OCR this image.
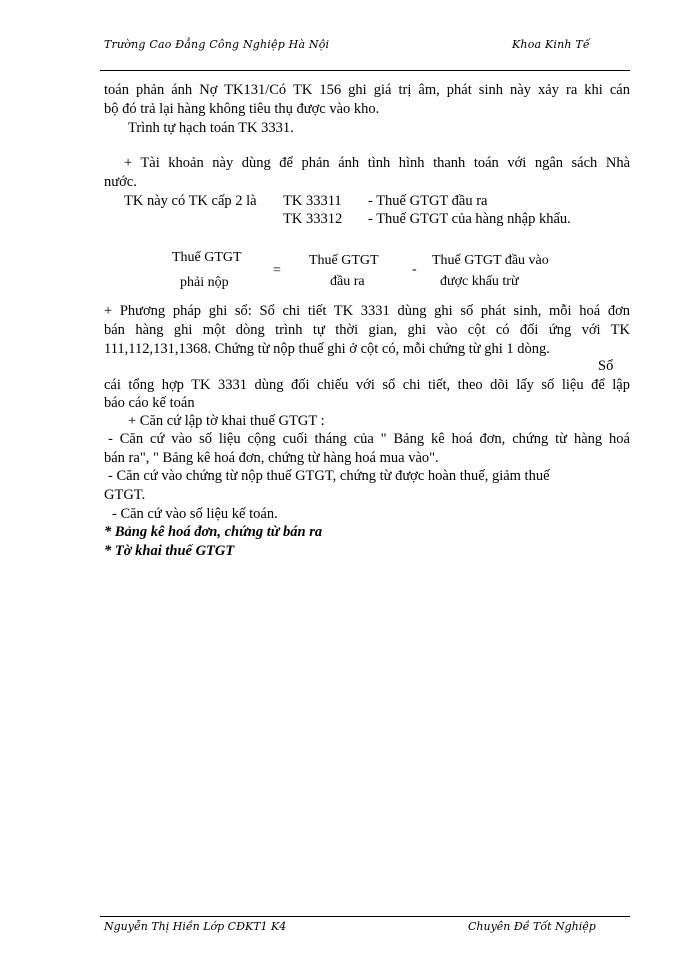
Trường Cao Đẳng Công Nghiệp Hà Nội	Khoa Kinh Tế
toán phản ánh Nợ TK131/Có TK 156 ghi giá trị âm, phát sinh này xảy ra khi cán
bộ đó trả lại hàng không tiêu thụ được vào kho.
Trình tự hạch toán TK 3331.
+ Tài khoản này dùng để phản ánh tình hình thanh toán với ngân sách Nhà
nước.
TK này có TK cấp 2 là TK 33311 - Thuế GTGT đầu ra
TK 33312 - Thuế GTGT của hàng nhập khẩu.
Thuế GTGT
phải nộp
=
Thuế GTGT
đầu ra
-
Thuế GTGT đầu vào
được khấu trừ
+ Phương pháp ghi sổ: Sổ chi tiết TK 3331 dùng ghi số phát sinh, mỗi hoá đơn
bán hàng ghi một dòng trình tự thời gian, ghi vào cột có đối ứng với TK
111,112,131,1368. Chứng từ nộp thuế ghi ở cột có, mỗi chứng từ ghi 1 dòng.
Sổ
cái tổng hợp TK 3331 dùng đối chiếu với sổ chi tiết, theo dõi lấy số liệu để lập
báo cáo kế toán
+ Căn cứ lập tờ khai thuế GTGT :
- Căn cứ vào số liệu cộng cuối tháng của " Bảng kê hoá đơn, chứng từ hàng hoá
bán ra", " Bảng kê hoá đơn, chứng từ hàng hoá mua vào".
- Căn cứ vào chứng từ nộp thuế GTGT, chứng từ được hoàn thuế, giảm thuế
GTGT.
- Căn cứ vào số liệu kế toán.
* Bảng kê hoá đơn, chứng từ bán ra
* Tờ khai thuế GTGT
Nguyễn Thị Hiền Lớp CĐKT1 K4	Chuyên Đề Tốt Nghiệp
